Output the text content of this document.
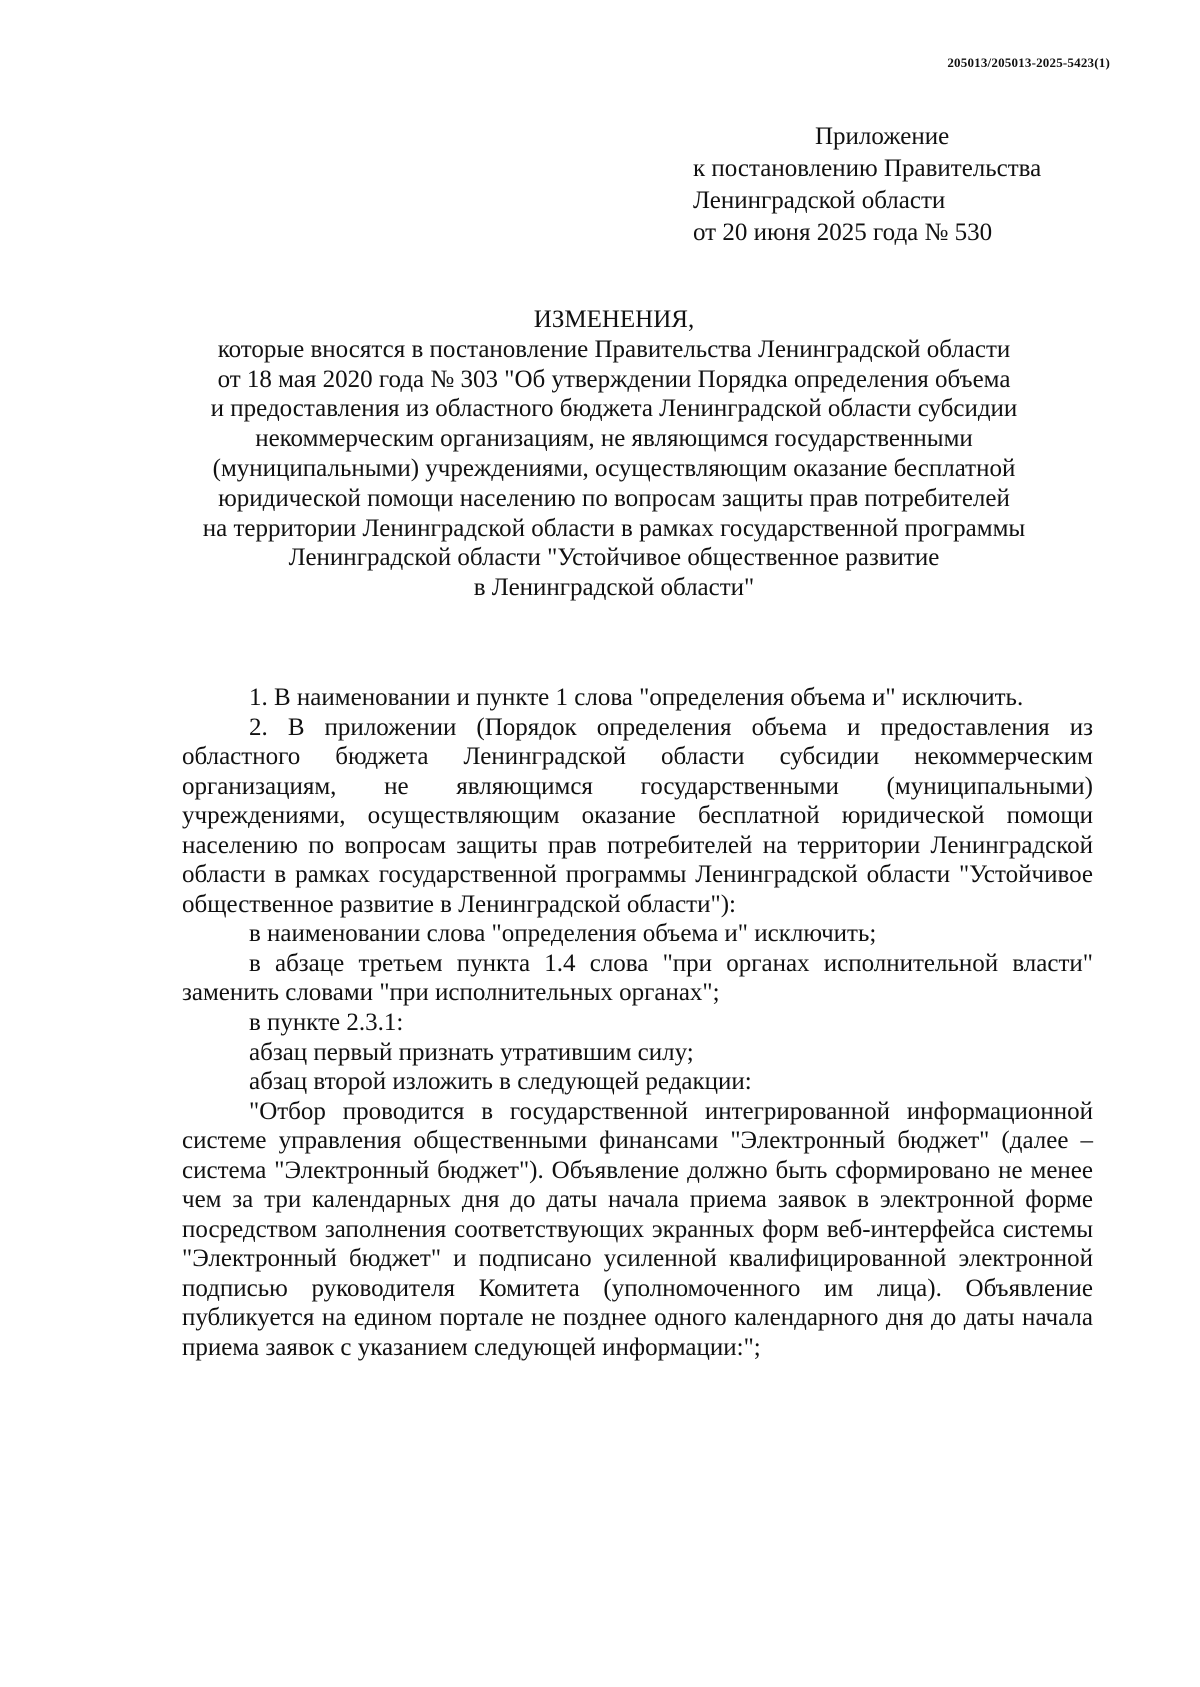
205013/205013-2025-5423(1)
Приложение
к постановлению Правительства
Ленинградской области
от 20 июня 2025 года № 530
ИЗМЕНЕНИЯ,
которые вносятся в постановление Правительства Ленинградской области
от 18 мая 2020 года № 303 "Об утверждении Порядка определения объема
и предоставления из областного бюджета Ленинградской области субсидии
некоммерческим организациям, не являющимся государственными
(муниципальными) учреждениями, осуществляющим оказание бесплатной
юридической помощи населению по вопросам защиты прав потребителей
на территории Ленинградской области в рамках государственной программы
Ленинградской области "Устойчивое общественное развитие
в Ленинградской области"

1. В наименовании и пункте 1 слова "определения объема и" исключить.

2. В приложении (Порядок определения объема и предоставления из областного бюджета Ленинградской области субсидии некоммерческим организациям, не являющимся государственными (муниципальными) учреждениями, осуществляющим оказание бесплатной юридической помощи населению по вопросам защиты прав потребителей на территории Ленинградской области в рамках государственной программы Ленинградской области "Устойчивое общественное развитие в Ленинградской области"):

в наименовании слова "определения объема и" исключить;

в абзаце третьем пункта 1.4 слова "при органах исполнительной власти" заменить словами "при исполнительных органах";

в пункте 2.3.1:

абзац первый признать утратившим силу;

абзац второй изложить в следующей редакции:

"Отбор проводится в государственной интегрированной информационной системе управления общественными финансами "Электронный бюджет" (далее – система "Электронный бюджет"). Объявление должно быть сформировано не менее чем за три календарных дня до даты начала приема заявок в электронной форме посредством заполнения соответствующих экранных форм веб-интерфейса системы "Электронный бюджет" и подписано усиленной квалифицированной электронной подписью руководителя Комитета (уполномоченного им лица). Объявление публикуется на едином портале не позднее одного календарного дня до даты начала приема заявок с указанием следующей информации:";
